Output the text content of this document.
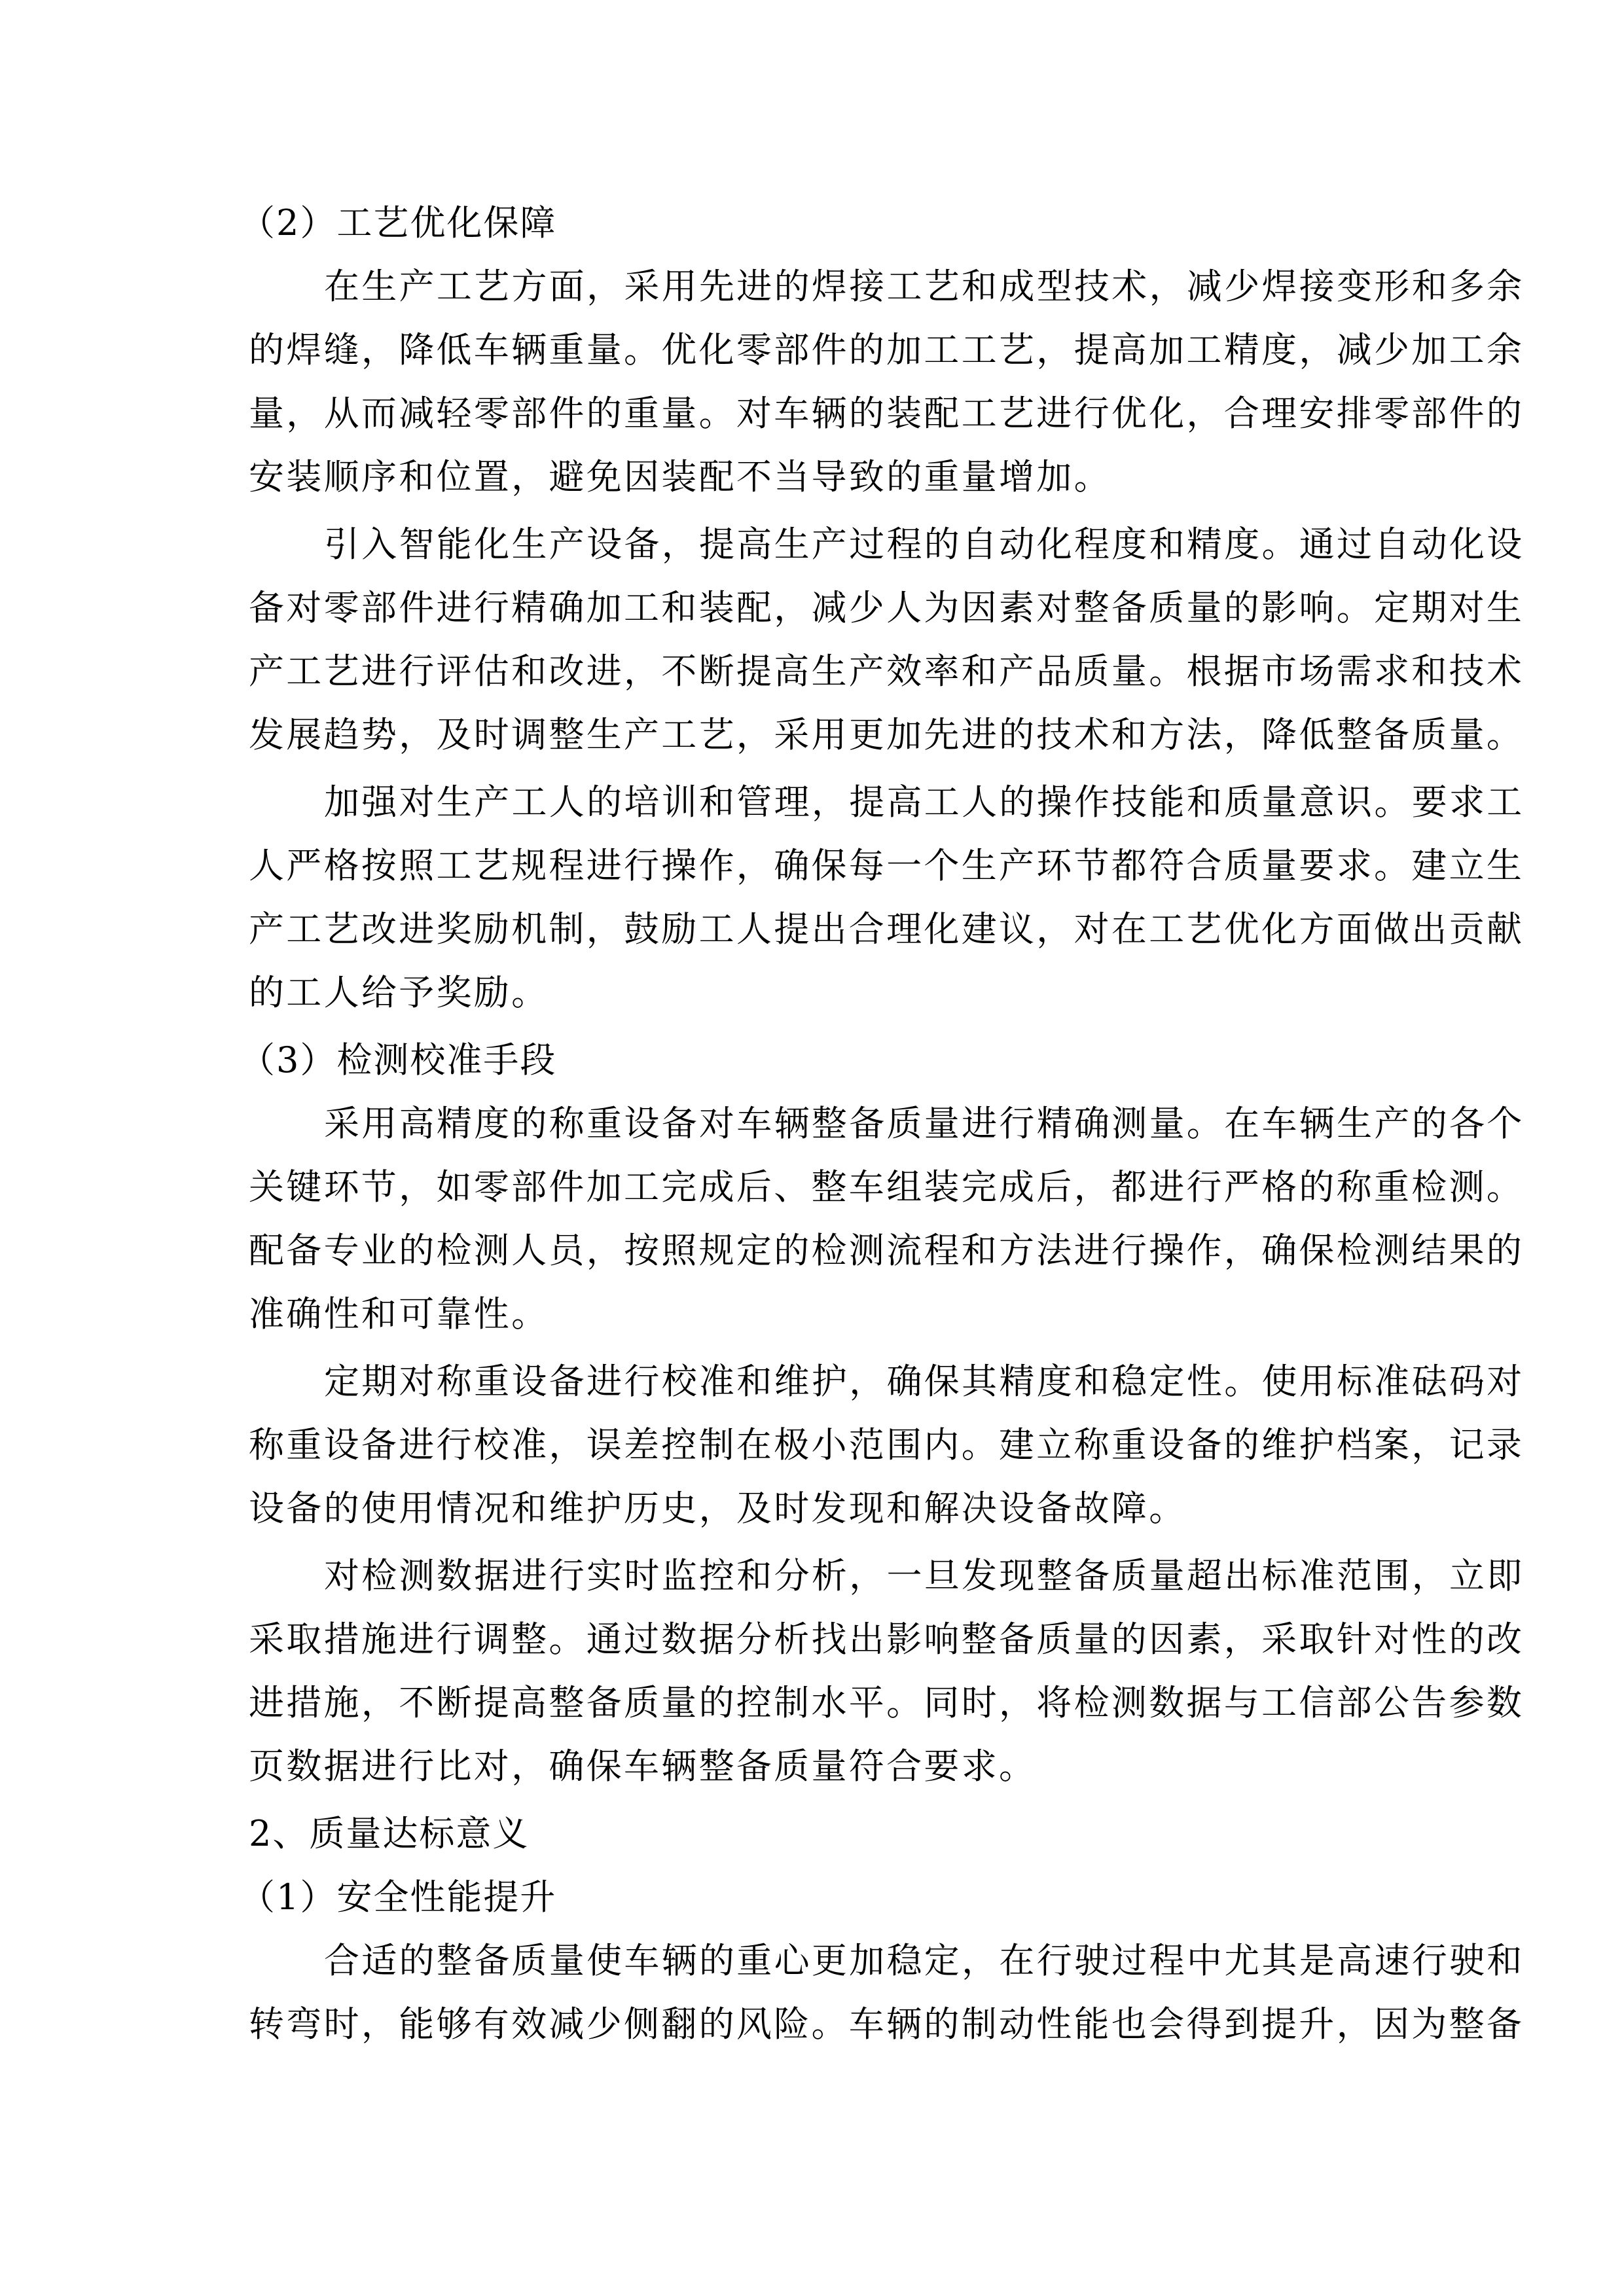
（2）工艺优化保障
在生产工艺方面，采用先进的焊接工艺和成型技术，减少焊接变形和多余
的焊缝，降低车辆重量。优化零部件的加工工艺，提高加工精度，减少加工余
量，从而减轻零部件的重量。对车辆的装配工艺进行优化，合理安排零部件的
安装顺序和位置，避免因装配不当导致的重量增加。
引入智能化生产设备，提高生产过程的自动化程度和精度。通过自动化设
备对零部件进行精确加工和装配，减少人为因素对整备质量的影响。定期对生
产工艺进行评估和改进，不断提高生产效率和产品质量。根据市场需求和技术
发展趋势，及时调整生产工艺，采用更加先进的技术和方法，降低整备质量。
加强对生产工人的培训和管理，提高工人的操作技能和质量意识。要求工
人严格按照工艺规程进行操作，确保每一个生产环节都符合质量要求。建立生
产工艺改进奖励机制，鼓励工人提出合理化建议，对在工艺优化方面做出贡献
的工人给予奖励。
（3）检测校准手段
采用高精度的称重设备对车辆整备质量进行精确测量。在车辆生产的各个
关键环节，如零部件加工完成后、整车组装完成后，都进行严格的称重检测。
配备专业的检测人员，按照规定的检测流程和方法进行操作，确保检测结果的
准确性和可靠性。
定期对称重设备进行校准和维护，确保其精度和稳定性。使用标准砝码对
称重设备进行校准，误差控制在极小范围内。建立称重设备的维护档案，记录
设备的使用情况和维护历史，及时发现和解决设备故障。
对检测数据进行实时监控和分析，一旦发现整备质量超出标准范围，立即
采取措施进行调整。通过数据分析找出影响整备质量的因素，采取针对性的改
进措施，不断提高整备质量的控制水平。同时，将检测数据与工信部公告参数
页数据进行比对，确保车辆整备质量符合要求。
2、质量达标意义
（1）安全性能提升
合适的整备质量使车辆的重心更加稳定，在行驶过程中尤其是高速行驶和
转弯时，能够有效减少侧翻的风险。车辆的制动性能也会得到提升，因为整备
